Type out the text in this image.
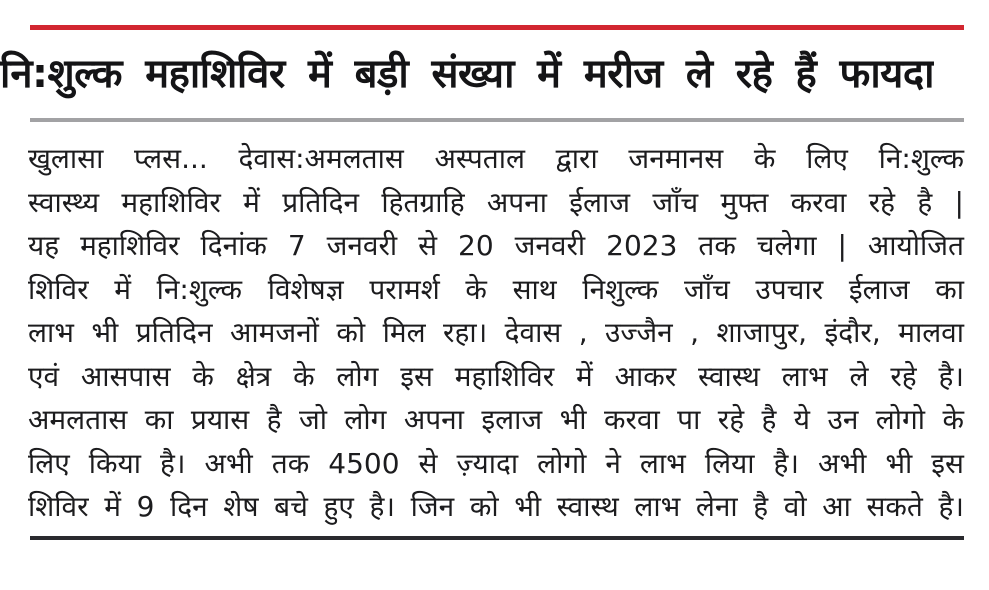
नि:शुल्क महाशिविर में बड़ी संख्या में मरीज ले रहे हैं फायदा
खुलासा प्लस... देवास:अमलतास अस्पताल द्वारा जनमानस के लिए नि:शुल्क
स्वास्थ्य महाशिविर में प्रतिदिन हितग्राहि अपना ईलाज जाँच मुफ्त करवा रहे है |
यह महाशिविर दिनांक 7 जनवरी से 20 जनवरी 2023 तक चलेगा | आयोजित
शिविर में नि:शुल्क विशेषज्ञ परामर्श के साथ निशुल्क जाँच उपचार ईलाज का
लाभ भी प्रतिदिन आमजनों को मिल रहा। देवास , उज्जैन , शाजापुर, इंदौर, मालवा
एवं आसपास के क्षेत्र के लोग इस महाशिविर में आकर स्वास्थ लाभ ले रहे है।
अमलतास का प्रयास है जो लोग अपना इलाज भी करवा पा रहे है ये उन लोगो के
लिए किया है। अभी तक 4500 से ज़्यादा लोगो ने लाभ लिया है। अभी भी इस
शिविर में 9 दिन शेष बचे हुए है। जिन को भी स्वास्थ लाभ लेना है वो आ सकते है।
